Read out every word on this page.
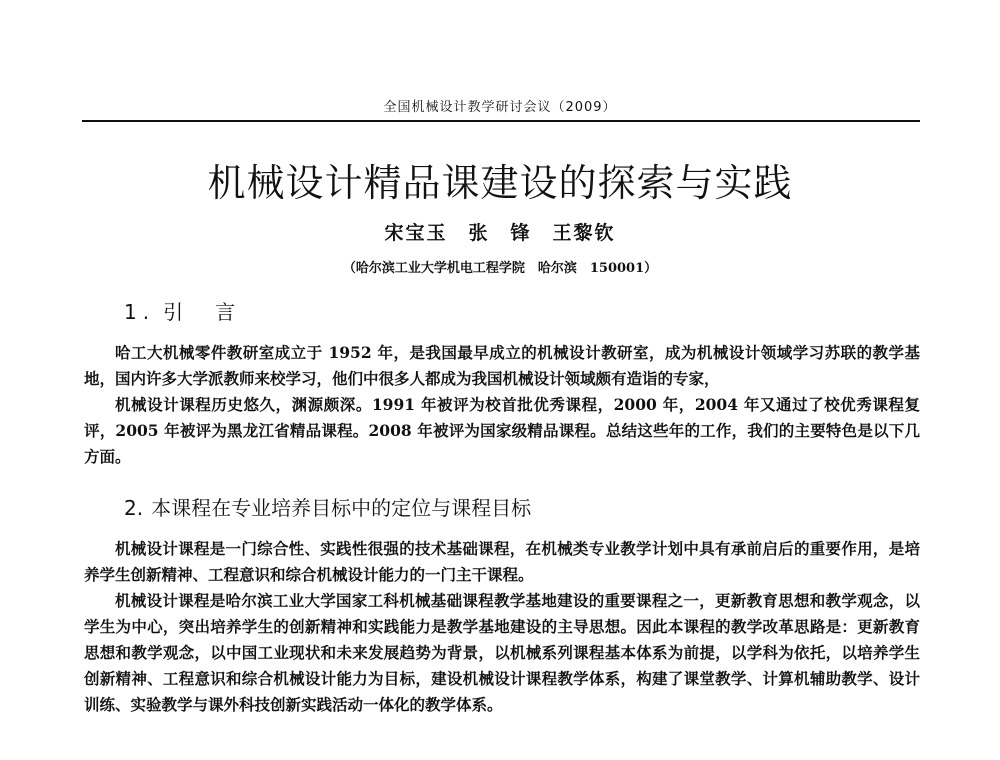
全国机械设计教学研讨会议（2009）
机械设计精品课建设的探索与实践
宋宝玉　张　锋　王黎钦
（哈尔滨工业大学机电工程学院　哈尔滨　150001）
1. 引　言

哈工大机械零件教研室成立于 1952 年，是我国最早成立的机械设计教研室，成为机械设计领域学习苏联的教学基地，国内许多大学派教师来校学习，他们中很多人都成为我国机械设计领域颇有造诣的专家，

机械设计课程历史悠久，渊源颇深。1991 年被评为校首批优秀课程，2000 年，2004 年又通过了校优秀课程复评，2005 年被评为黑龙江省精品课程。2008 年被评为国家级精品课程。总结这些年的工作，我们的主要特色是以下几方面。

2. 本课程在专业培养目标中的定位与课程目标

机械设计课程是一门综合性、实践性很强的技术基础课程，在机械类专业教学计划中具有承前启后的重要作用，是培养学生创新精神、工程意识和综合机械设计能力的一门主干课程。

机械设计课程是哈尔滨工业大学国家工科机械基础课程教学基地建设的重要课程之一，更新教育思想和教学观念，以学生为中心，突出培养学生的创新精神和实践能力是教学基地建设的主导思想。因此本课程的教学改革思路是：更新教育思想和教学观念，以中国工业现状和未来发展趋势为背景，以机械系列课程基本体系为前提，以学科为依托，以培养学生创新精神、工程意识和综合机械设计能力为目标，建设机械设计课程教学体系，构建了课堂教学、计算机辅助教学、设计训练、实验教学与课外科技创新实践活动一体化的教学体系。
